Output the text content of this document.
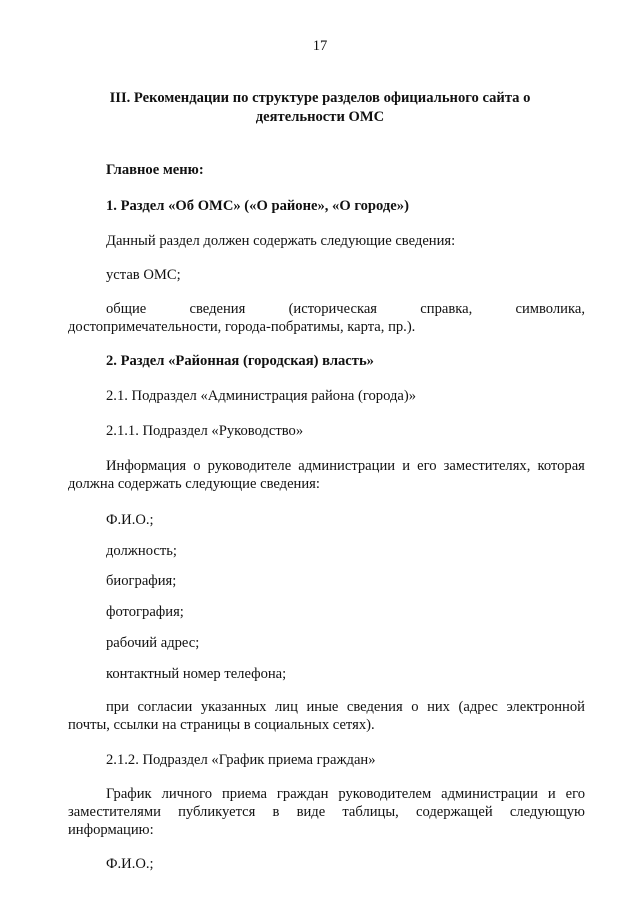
17
III. Рекомендации по структуре разделов официального сайта о
деятельности ОМС
Главное меню:
1. Раздел «Об ОМС» («О районе», «О городе»)
Данный раздел должен содержать следующие сведения:
устав ОМС;
общие	сведения	(историческая	справка,	символика,
достопримечательности, города-побратимы, карта, пр.).
2. Раздел «Районная (городская) власть»
2.1. Подраздел «Администрация района (города)»
2.1.1. Подраздел «Руководство»
Информация о руководителе администрации и его заместителях, которая
должна содержать следующие сведения:
Ф.И.О.;
должность;
биография;
фотография;
рабочий адрес;
контактный номер телефона;
при согласии указанных лиц иные сведения о них (адрес электронной
почты, ссылки на страницы в социальных сетях).
2.1.2. Подраздел «График приема граждан»
График личного приема граждан руководителем администрации и его
заместителями публикуется в виде таблицы, содержащей следующую
информацию:
Ф.И.О.;
